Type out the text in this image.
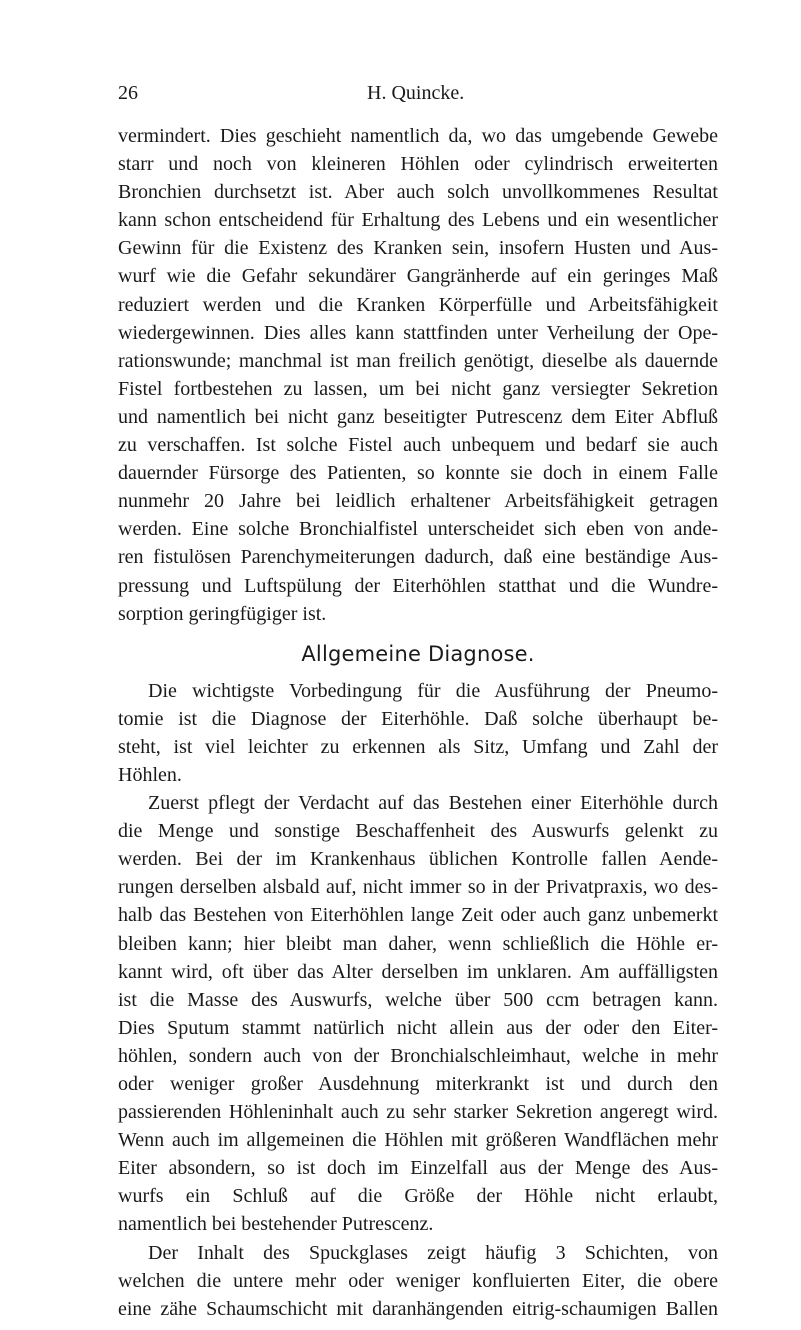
26	H. Quincke.
vermindert. Dies geschieht namentlich da, wo das umgebende Gewebe
starr und noch von kleineren Höhlen oder cylindrisch erweiterten
Bronchien durchsetzt ist. Aber auch solch unvollkommenes Resultat
kann schon entscheidend für Erhaltung des Lebens und ein wesentlicher
Gewinn für die Existenz des Kranken sein, insofern Husten und Aus-
wurf wie die Gefahr sekundärer Gangränherde auf ein geringes Maß
reduziert werden und die Kranken Körperfülle und Arbeitsfähigkeit
wiedergewinnen. Dies alles kann stattfinden unter Verheilung der Ope-
rationswunde; manchmal ist man freilich genötigt, dieselbe als dauernde
Fistel fortbestehen zu lassen, um bei nicht ganz versiegter Sekretion
und namentlich bei nicht ganz beseitigter Putrescenz dem Eiter Abfluß
zu verschaffen. Ist solche Fistel auch unbequem und bedarf sie auch
dauernder Fürsorge des Patienten, so konnte sie doch in einem Falle
nunmehr 20 Jahre bei leidlich erhaltener Arbeitsfähigkeit getragen
werden. Eine solche Bronchialfistel unterscheidet sich eben von ande-
ren fistulösen Parenchymeiterungen dadurch, daß eine beständige Aus-
pressung und Luftspülung der Eiterhöhlen statthat und die Wundre-
sorption geringfügiger ist.
Allgemeine Diagnose.
Die wichtigste Vorbedingung für die Ausführung der Pneumo-
tomie ist die Diagnose der Eiterhöhle. Daß solche überhaupt be-
steht, ist viel leichter zu erkennen als Sitz, Umfang und Zahl der
Höhlen.
Zuerst pflegt der Verdacht auf das Bestehen einer Eiterhöhle durch
die Menge und sonstige Beschaffenheit des Auswurfs gelenkt zu
werden. Bei der im Krankenhaus üblichen Kontrolle fallen Aende-
rungen derselben alsbald auf, nicht immer so in der Privatpraxis, wo des-
halb das Bestehen von Eiterhöhlen lange Zeit oder auch ganz unbemerkt
bleiben kann; hier bleibt man daher, wenn schließlich die Höhle er-
kannt wird, oft über das Alter derselben im unklaren. Am auffälligsten
ist die Masse des Auswurfs, welche über 500 ccm betragen kann.
Dies Sputum stammt natürlich nicht allein aus der oder den Eiter-
höhlen, sondern auch von der Bronchialschleimhaut, welche in mehr
oder weniger großer Ausdehnung miterkrankt ist und durch den
passierenden Höhleninhalt auch zu sehr starker Sekretion angeregt wird.
Wenn auch im allgemeinen die Höhlen mit größeren Wandflächen mehr
Eiter absondern, so ist doch im Einzelfall aus der Menge des Aus-
wurfs ein Schluß auf die Größe der Höhle nicht erlaubt,
namentlich bei bestehender Putrescenz.
Der Inhalt des Spuckglases zeigt häufig 3 Schichten, von
welchen die untere mehr oder weniger konfluierten Eiter, die obere
eine zähe Schaumschicht mit daranhängenden eitrig-schaumigen Ballen
